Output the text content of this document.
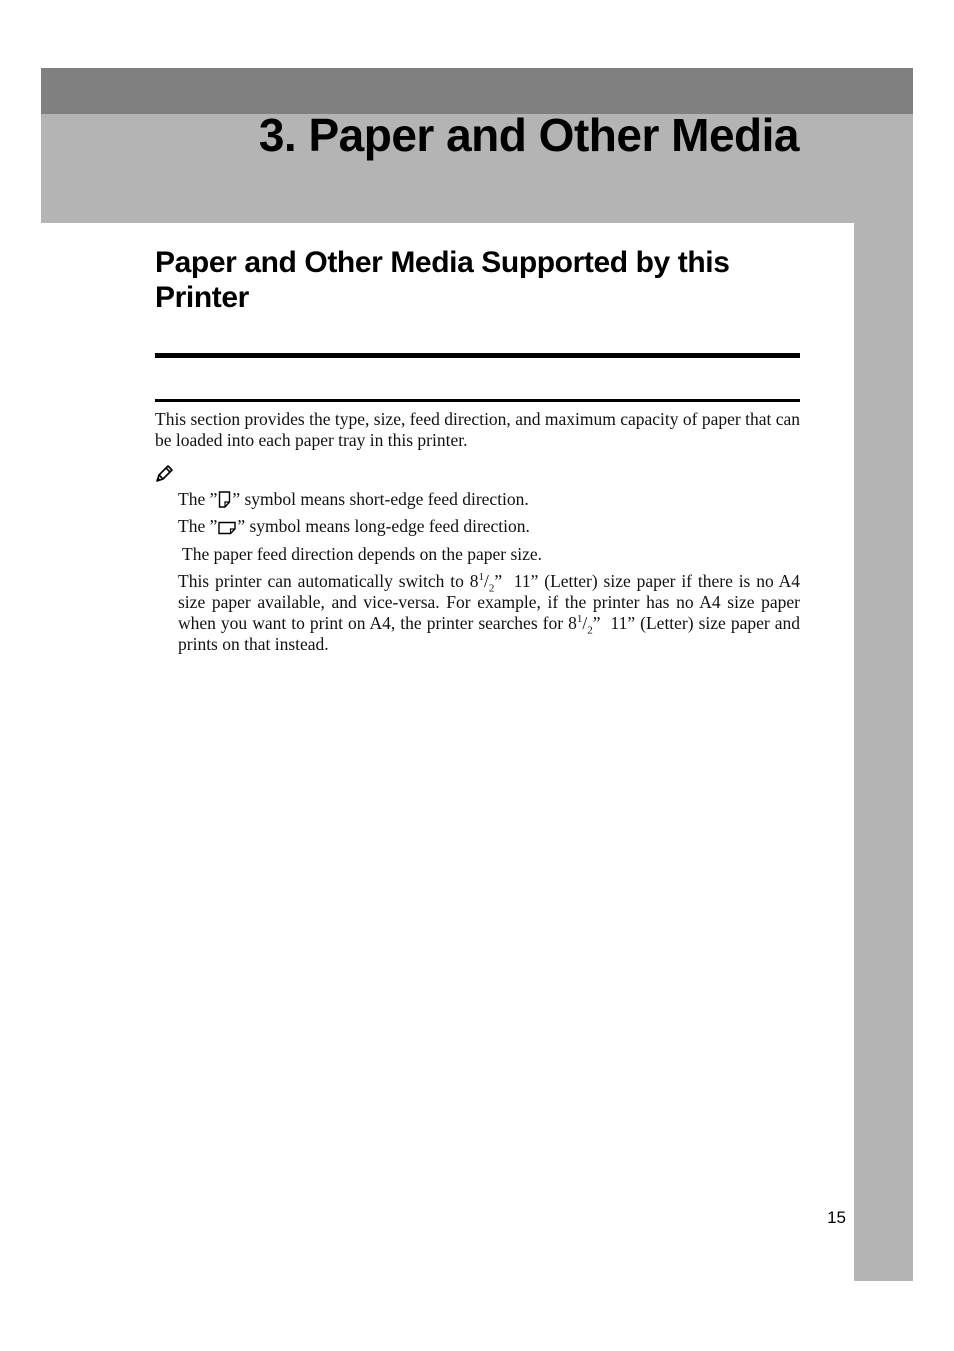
3. Paper and Other Media
Paper and Other Media Supported by this Printer

This section provides the type, size, feed direction, and maximum capacity of paper that can be loaded into each paper tray in this printer.

The ” ” symbol means short-edge feed direction.

The ” ” symbol means long-edge feed direction.

The paper feed direction depends on the paper size.

This printer can automatically switch to $8^1/_2$”  11” (Letter) size paper if there is no A4 size paper available, and vice-versa. For example, if the printer has no A4 size paper when you want to print on A4, the printer searches for $8^1/_2$”  11” (Letter) size paper and prints on that instead.

15
